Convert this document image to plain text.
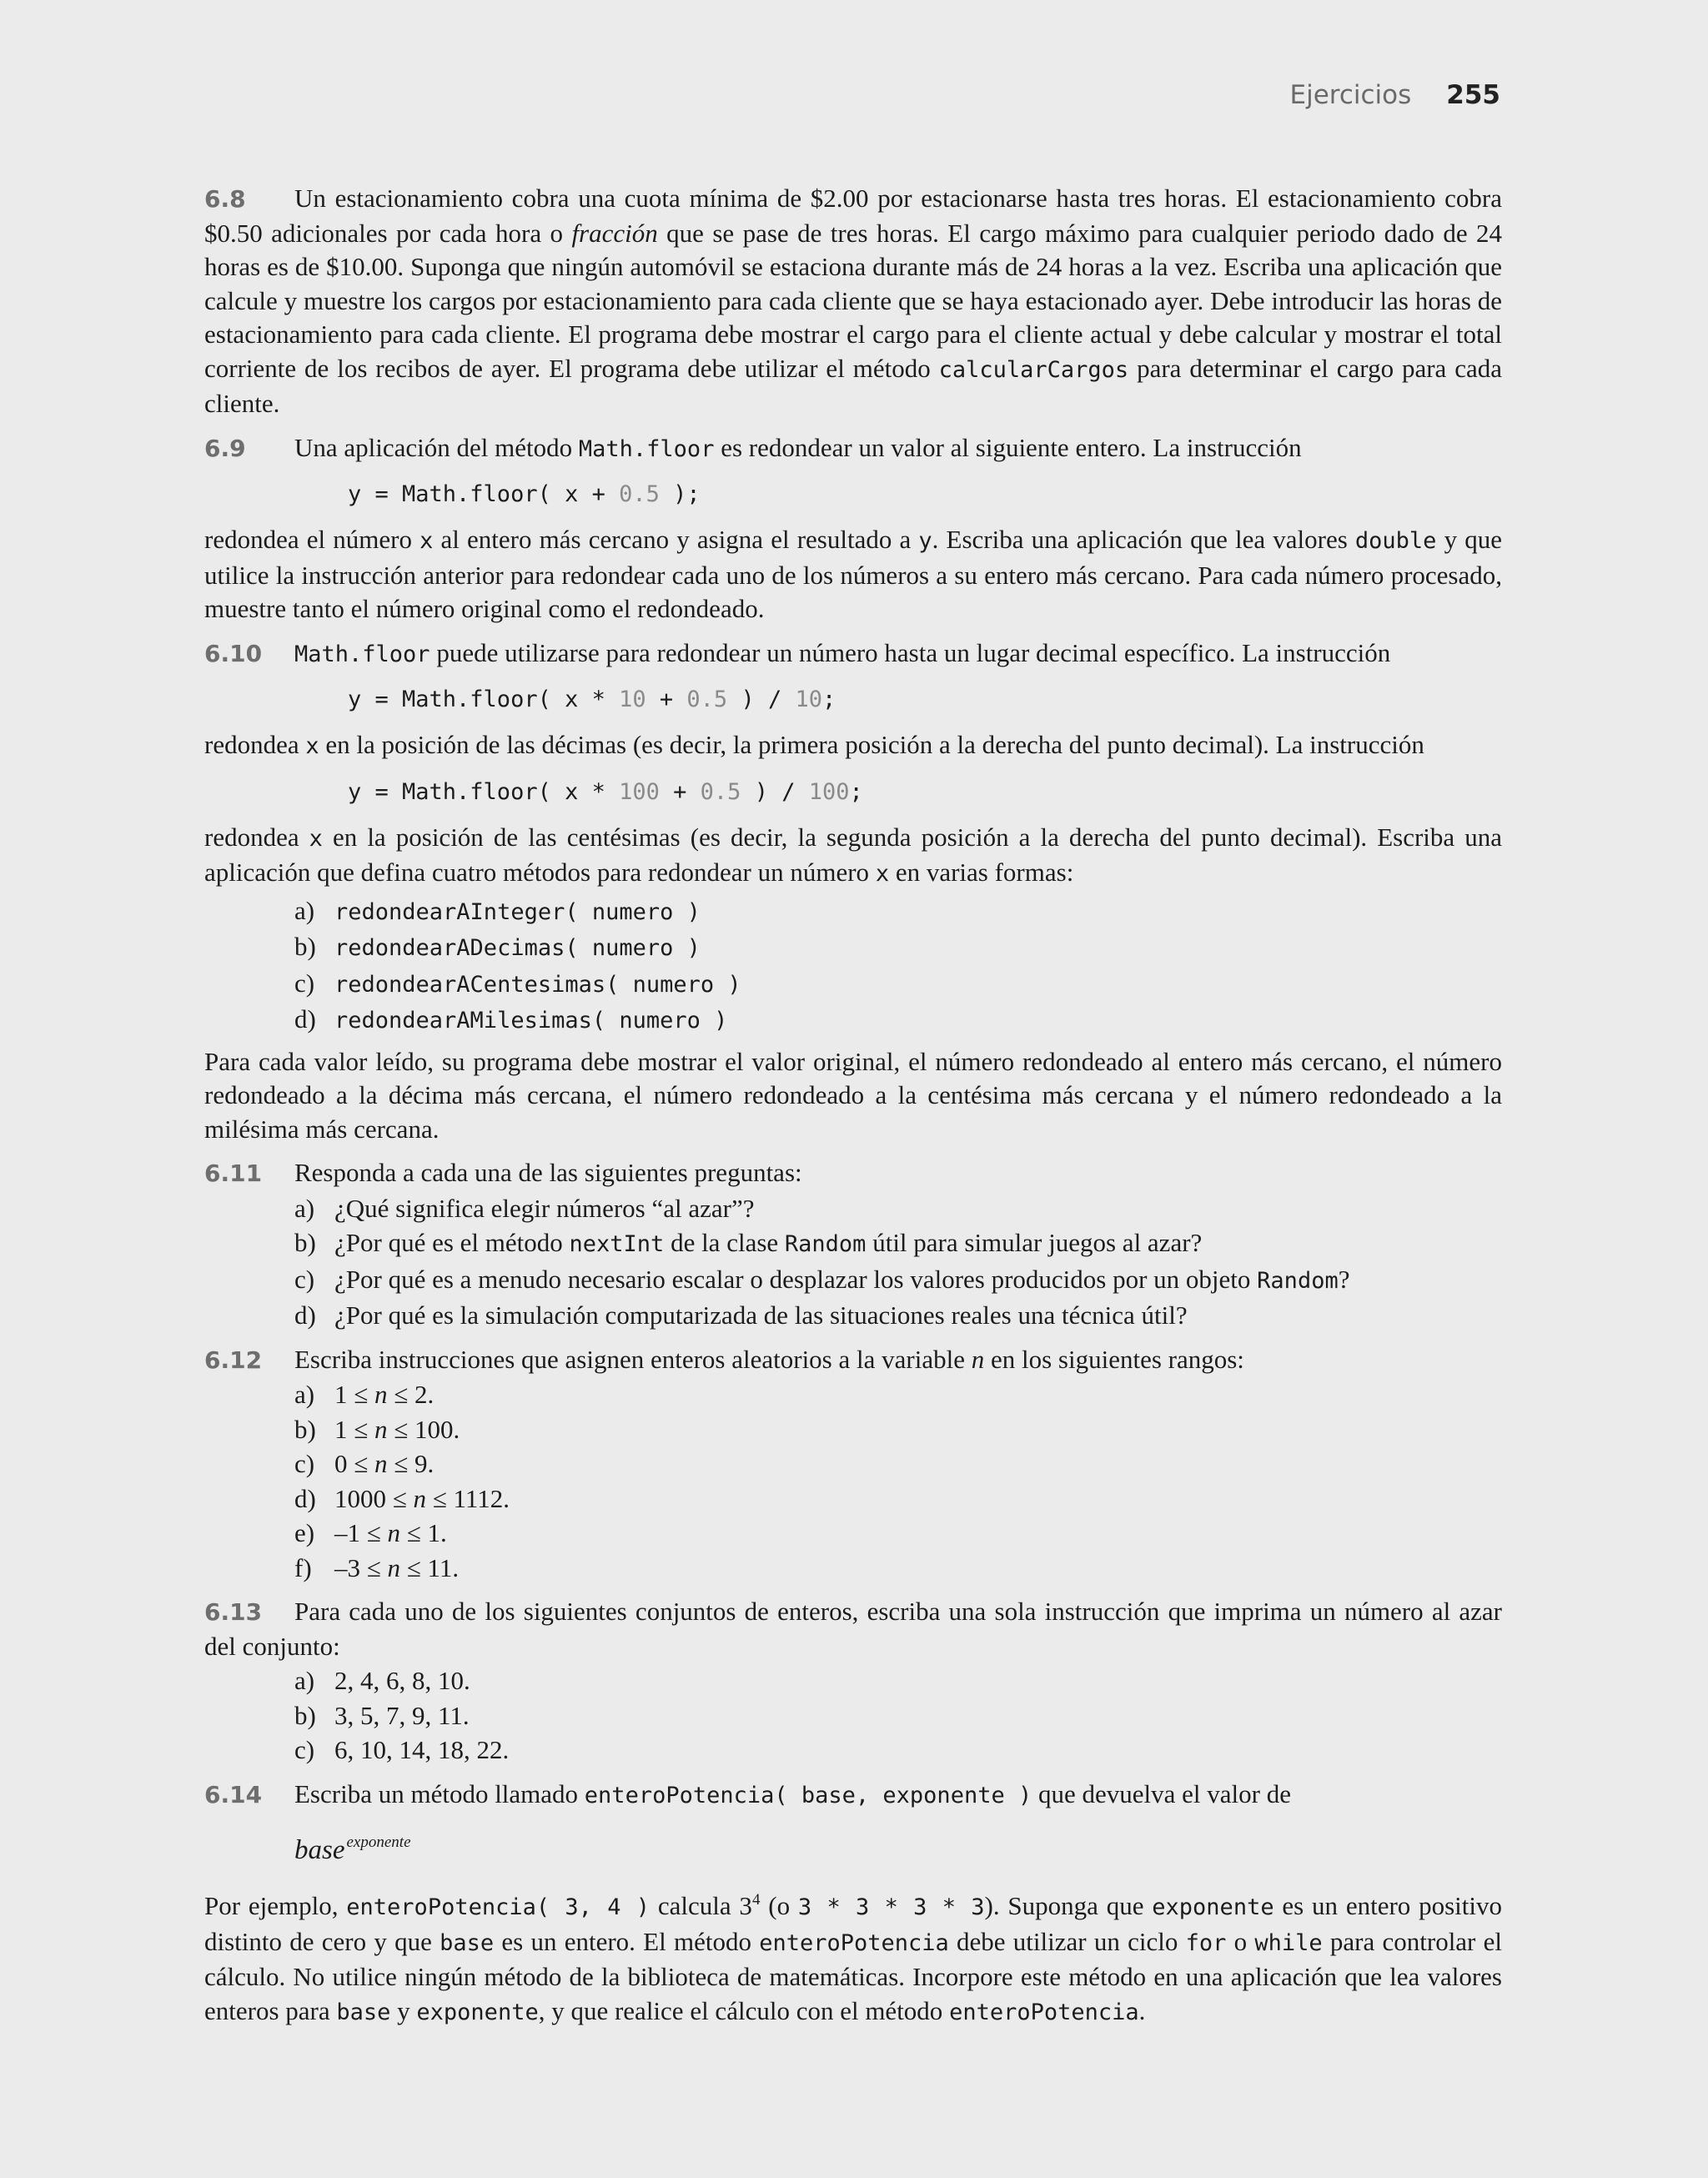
Ejercicios 255

6.8 Un estacionamiento cobra una cuota mínima de $2.00 por estacionarse hasta tres horas. El estacionamiento cobra $0.50 adicionales por cada hora o fracción que se pase de tres horas. El cargo máximo para cualquier periodo dado de 24 horas es de $10.00. Suponga que ningún automóvil se estaciona durante más de 24 horas a la vez. Escriba una aplicación que calcule y muestre los cargos por estacionamiento para cada cliente que se haya estacionado ayer. Debe introducir las horas de estacionamiento para cada cliente. El programa debe mostrar el cargo para el cliente actual y debe calcular y mostrar el total corriente de los recibos de ayer. El programa debe utilizar el método calcularCargos para determinar el cargo para cada cliente.

6.9 Una aplicación del método Math.floor es redondear un valor al siguiente entero. La instrucción

y = Math.floor( x + 0.5 );

redondea el número x al entero más cercano y asigna el resultado a y. Escriba una aplicación que lea valores double y que utilice la instrucción anterior para redondear cada uno de los números a su entero más cercano. Para cada número procesado, muestre tanto el número original como el redondeado.

6.10 Math.floor puede utilizarse para redondear un número hasta un lugar decimal específico. La instrucción

y = Math.floor( x * 10 + 0.5 ) / 10;

redondea x en la posición de las décimas (es decir, la primera posición a la derecha del punto decimal). La instrucción

y = Math.floor( x * 100 + 0.5 ) / 100;

redondea x en la posición de las centésimas (es decir, la segunda posición a la derecha del punto decimal). Escriba una aplicación que defina cuatro métodos para redondear un número x en varias formas:

a) redondearAInteger( numero )
b) redondearADecimas( numero )
c) redondearACentesimas( numero )
d) redondearAMilesimas( numero )

Para cada valor leído, su programa debe mostrar el valor original, el número redondeado al entero más cercano, el número redondeado a la décima más cercana, el número redondeado a la centésima más cercana y el número redondeado a la milésima más cercana.

6.11 Responda a cada una de las siguientes preguntas:

a) ¿Qué significa elegir números “al azar”?
b) ¿Por qué es el método nextInt de la clase Random útil para simular juegos al azar?
c) ¿Por qué es a menudo necesario escalar o desplazar los valores producidos por un objeto Random?
d) ¿Por qué es la simulación computarizada de las situaciones reales una técnica útil?

6.12 Escriba instrucciones que asignen enteros aleatorios a la variable n en los siguientes rangos:

a) 1 ≤ n ≤ 2.
b) 1 ≤ n ≤ 100.
c) 0 ≤ n ≤ 9.
d) 1000 ≤ n ≤ 1112.
e) –1 ≤ n ≤ 1.
f) –3 ≤ n ≤ 11.

6.13 Para cada uno de los siguientes conjuntos de enteros, escriba una sola instrucción que imprima un número al azar del conjunto:

a) 2, 4, 6, 8, 10.
b) 3, 5, 7, 9, 11.
c) 6, 10, 14, 18, 22.

6.14 Escriba un método llamado enteroPotencia( base, exponente ) que devuelva el valor de

base $^{exponente}$

Por ejemplo, enteroPotencia( 3, 4 ) calcula $3^4$ (o 3 * 3 * 3 * 3). Suponga que exponente es un entero positivo distinto de cero y que base es un entero. El método enteroPotencia debe utilizar un ciclo for o while para controlar el cálculo. No utilice ningún método de la biblioteca de matemáticas. Incorpore este método en una aplicación que lea valores enteros para base y exponente, y que realice el cálculo con el método enteroPotencia.
